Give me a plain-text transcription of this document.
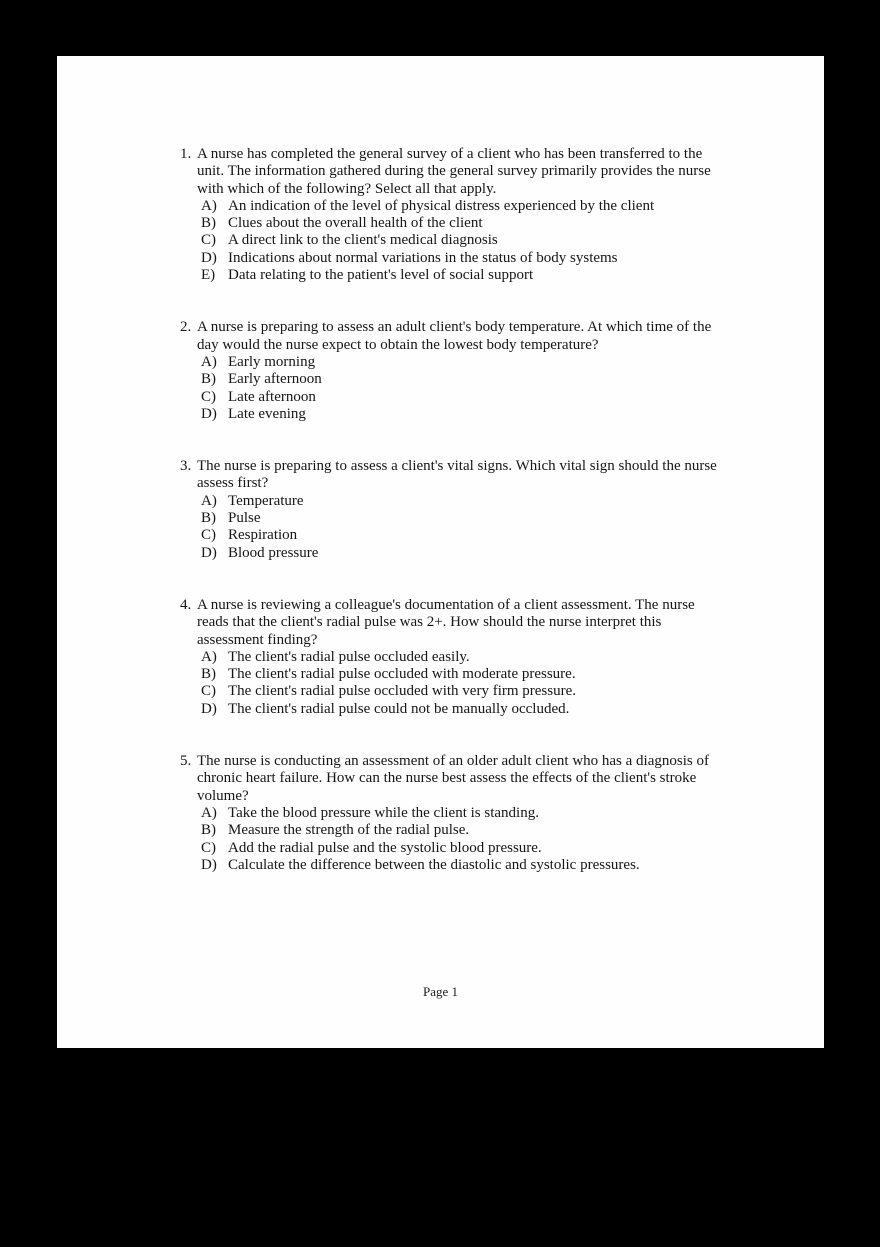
1. A nurse has completed the general survey of a client who has been transferred to the unit. The information gathered during the general survey primarily provides the nurse with which of the following? Select all that apply.
A) An indication of the level of physical distress experienced by the client
B) Clues about the overall health of the client
C) A direct link to the client's medical diagnosis
D) Indications about normal variations in the status of body systems
E) Data relating to the patient's level of social support
2. A nurse is preparing to assess an adult client's body temperature. At which time of the day would the nurse expect to obtain the lowest body temperature?
A) Early morning
B) Early afternoon
C) Late afternoon
D) Late evening
3. The nurse is preparing to assess a client's vital signs. Which vital sign should the nurse assess first?
A) Temperature
B) Pulse
C) Respiration
D) Blood pressure
4. A nurse is reviewing a colleague's documentation of a client assessment. The nurse reads that the client's radial pulse was 2+. How should the nurse interpret this assessment finding?
A) The client's radial pulse occluded easily.
B) The client's radial pulse occluded with moderate pressure.
C) The client's radial pulse occluded with very firm pressure.
D) The client's radial pulse could not be manually occluded.
5. The nurse is conducting an assessment of an older adult client who has a diagnosis of chronic heart failure. How can the nurse best assess the effects of the client's stroke volume?
A) Take the blood pressure while the client is standing.
B) Measure the strength of the radial pulse.
C) Add the radial pulse and the systolic blood pressure.
D) Calculate the difference between the diastolic and systolic pressures.
Page 1
